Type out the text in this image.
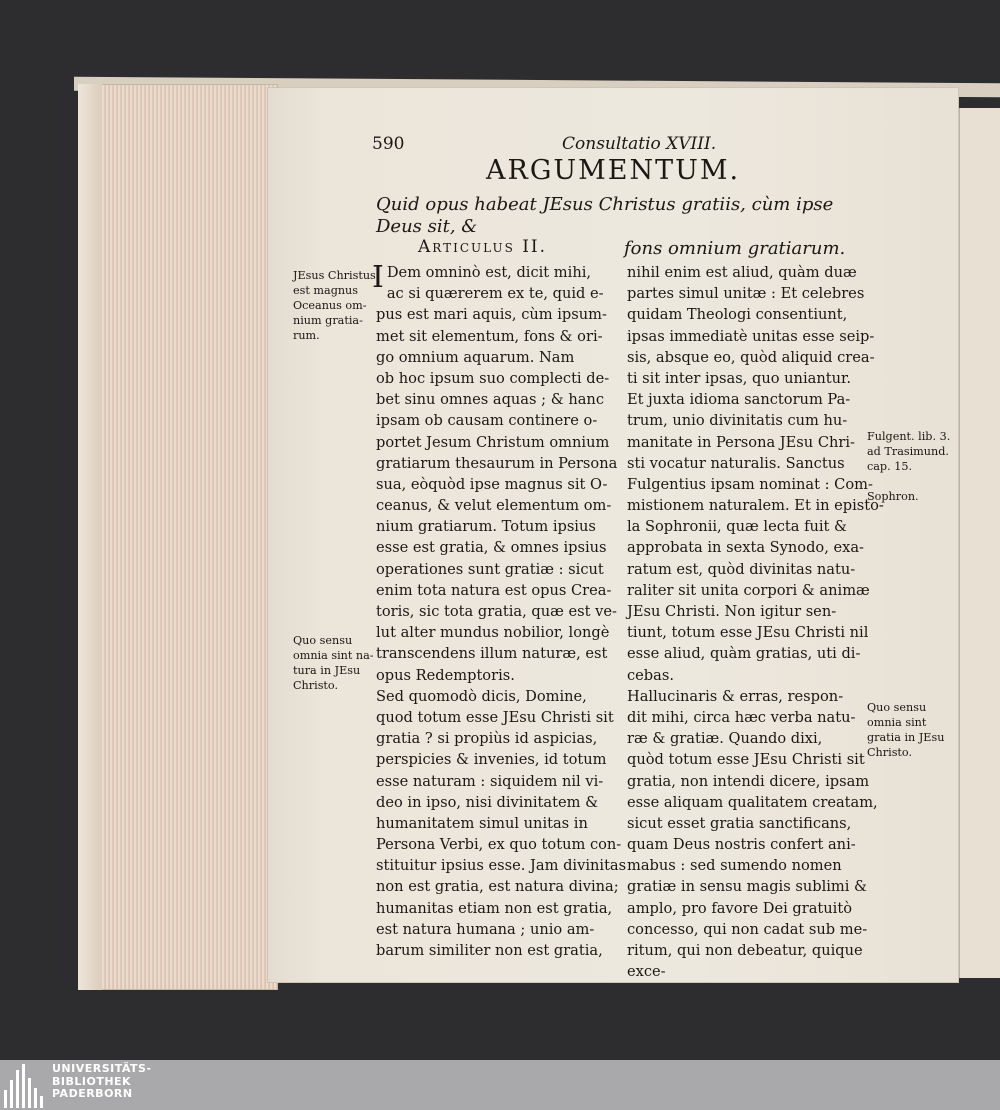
590	Consultatio XVIII.
ARGUMENTUM.
Quid opus habeat JEsus Christus gratiis, cùm ipse Deus sit, &
fons omnium gratiarum.
Articulus II.
I Dem omninò est, dicit mihi,
ac si quærerem ex te, quid e-
pus est mari aquis, cùm ipsum-
met sit elementum, fons & ori-
go omnium aquarum. Nam
ob hoc ipsum suo complecti de-
bet sinu omnes aquas ; & hanc
ipsam ob causam continere o-
portet Jesum Christum omnium
gratiarum thesaurum in Persona
sua, eòquòd ipse magnus sit O-
ceanus, & velut elementum om-
nium gratiarum. Totum ipsius
esse est gratia, & omnes ipsius
operationes sunt gratiæ : sicut
enim tota natura est opus Crea-
toris, sic tota gratia, quæ est ve-
lut alter mundus nobilior, longè
transcendens illum naturæ, est
opus Redemptoris.
Sed quomodò dicis, Domine,
quod totum esse JEsu Christi sit
gratia ? si propiùs id aspicias,
perspicies & invenies, id totum
esse naturam : siquidem nil vi-
deo in ipso, nisi divinitatem &
humanitatem simul unitas in
Persona Verbi, ex quo totum con-
stituitur ipsius esse. Jam divinitas
non est gratia, est natura divina;
humanitas etiam non est gratia,
est natura humana ; unio am-
barum similiter non est gratia,
nihil enim est aliud, quàm duæ
partes simul unitæ : Et celebres
quidam Theologi consentiunt,
ipsas immediatè unitas esse seip-
sis, absque eo, quòd aliquid crea-
ti sit inter ipsas, quo uniantur.
Et juxta idioma sanctorum Pa-
trum, unio divinitatis cum hu-
manitate in Persona JEsu Chri-
sti vocatur naturalis. Sanctus
Fulgentius ipsam nominat : Com-
mistionem naturalem. Et in episto-
la Sophronii, quæ lecta fuit &
approbata in sexta Synodo, exa-
ratum est, quòd divinitas natu-
raliter sit unita corpori & animæ
JEsu Christi. Non igitur sen-
tiunt, totum esse JEsu Christi nil
esse aliud, quàm gratias, uti di-
cebas.
Hallucinaris & erras, respon-
dit mihi, circa hæc verba natu-
ræ & gratiæ. Quando dixi,
quòd totum esse JEsu Christi sit
gratia, non intendi dicere, ipsam
esse aliquam qualitatem creatam,
sicut esset gratia sanctificans,
quam Deus nostris confert ani-
mabus : sed sumendo nomen
gratiæ in sensu magis sublimi &
amplo, pro favore Dei gratuitò
concesso, qui non cadat sub me-
ritum, qui non debeatur, quique
exce-
JEsus Christus
est magnus
Oceanus om-
nium gratia-
rum.
Quo sensu
omnia sint na-
tura in JEsu
Christo.
Fulgent. lib. 3.
ad Trasimund.
cap. 15.
Sophron.
Quo sensu
omnia sint
gratia in JEsu
Christo.
UNIVERSITÄTS-
BIBLIOTHEK
PADERBORN
